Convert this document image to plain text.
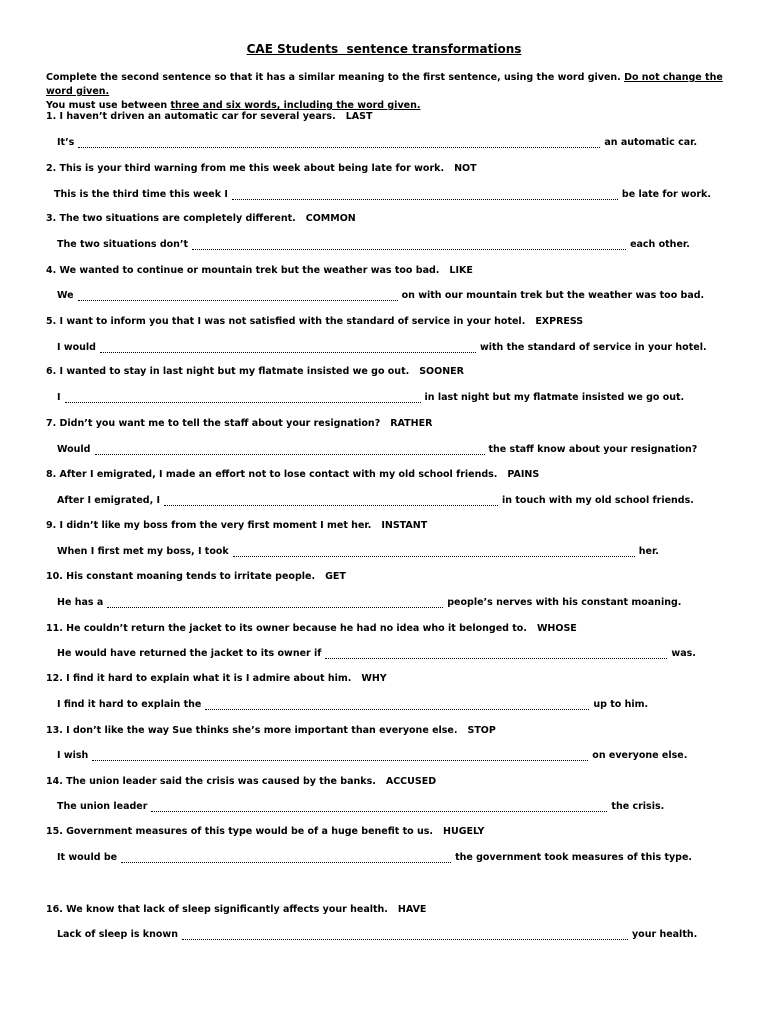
CAE Students  sentence transformations
Complete the second sentence so that it has a similar meaning to the first sentence, using the word given. Do not change the word given.
You must use between three and six words, including the word given.
1. I haven’t driven an automatic car for several years. LAST
It’s	an automatic car.
2. This is your third warning from me this week about being late for work. NOT
This is the third time this week I	be late for work.
3. The two situations are completely different. COMMON
The two situations don’t	each other.
4. We wanted to continue or mountain trek but the weather was too bad. LIKE
We	on with our mountain trek but the weather was too bad.
5. I want to inform you that I was not satisfied with the standard of service in your hotel. EXPRESS
I would	with the standard of service in your hotel.
6. I wanted to stay in last night but my flatmate insisted we go out. SOONER
I	in last night but my flatmate insisted we go out.
7. Didn’t you want me to tell the staff about your resignation? RATHER
Would	the staff know about your resignation?
8. After I emigrated, I made an effort not to lose contact with my old school friends. PAINS
After I emigrated, I	in touch with my old school friends.
9. I didn’t like my boss from the very first moment I met her. INSTANT
When I first met my boss, I took	her.
10. His constant moaning tends to irritate people. GET
He has a	people’s nerves with his constant moaning.
11. He couldn’t return the jacket to its owner because he had no idea who it belonged to. WHOSE
He would have returned the jacket to its owner if	was.
12. I find it hard to explain what it is I admire about him. WHY
I find it hard to explain the	up to him.
13. I don’t like the way Sue thinks she’s more important than everyone else. STOP
I wish	on everyone else.
14. The union leader said the crisis was caused by the banks. ACCUSED
The union leader	the crisis.
15. Government measures of this type would be of a huge benefit to us. HUGELY
It would be	the government took measures of this type.
16. We know that lack of sleep significantly affects your health. HAVE
Lack of sleep is known	your health.
